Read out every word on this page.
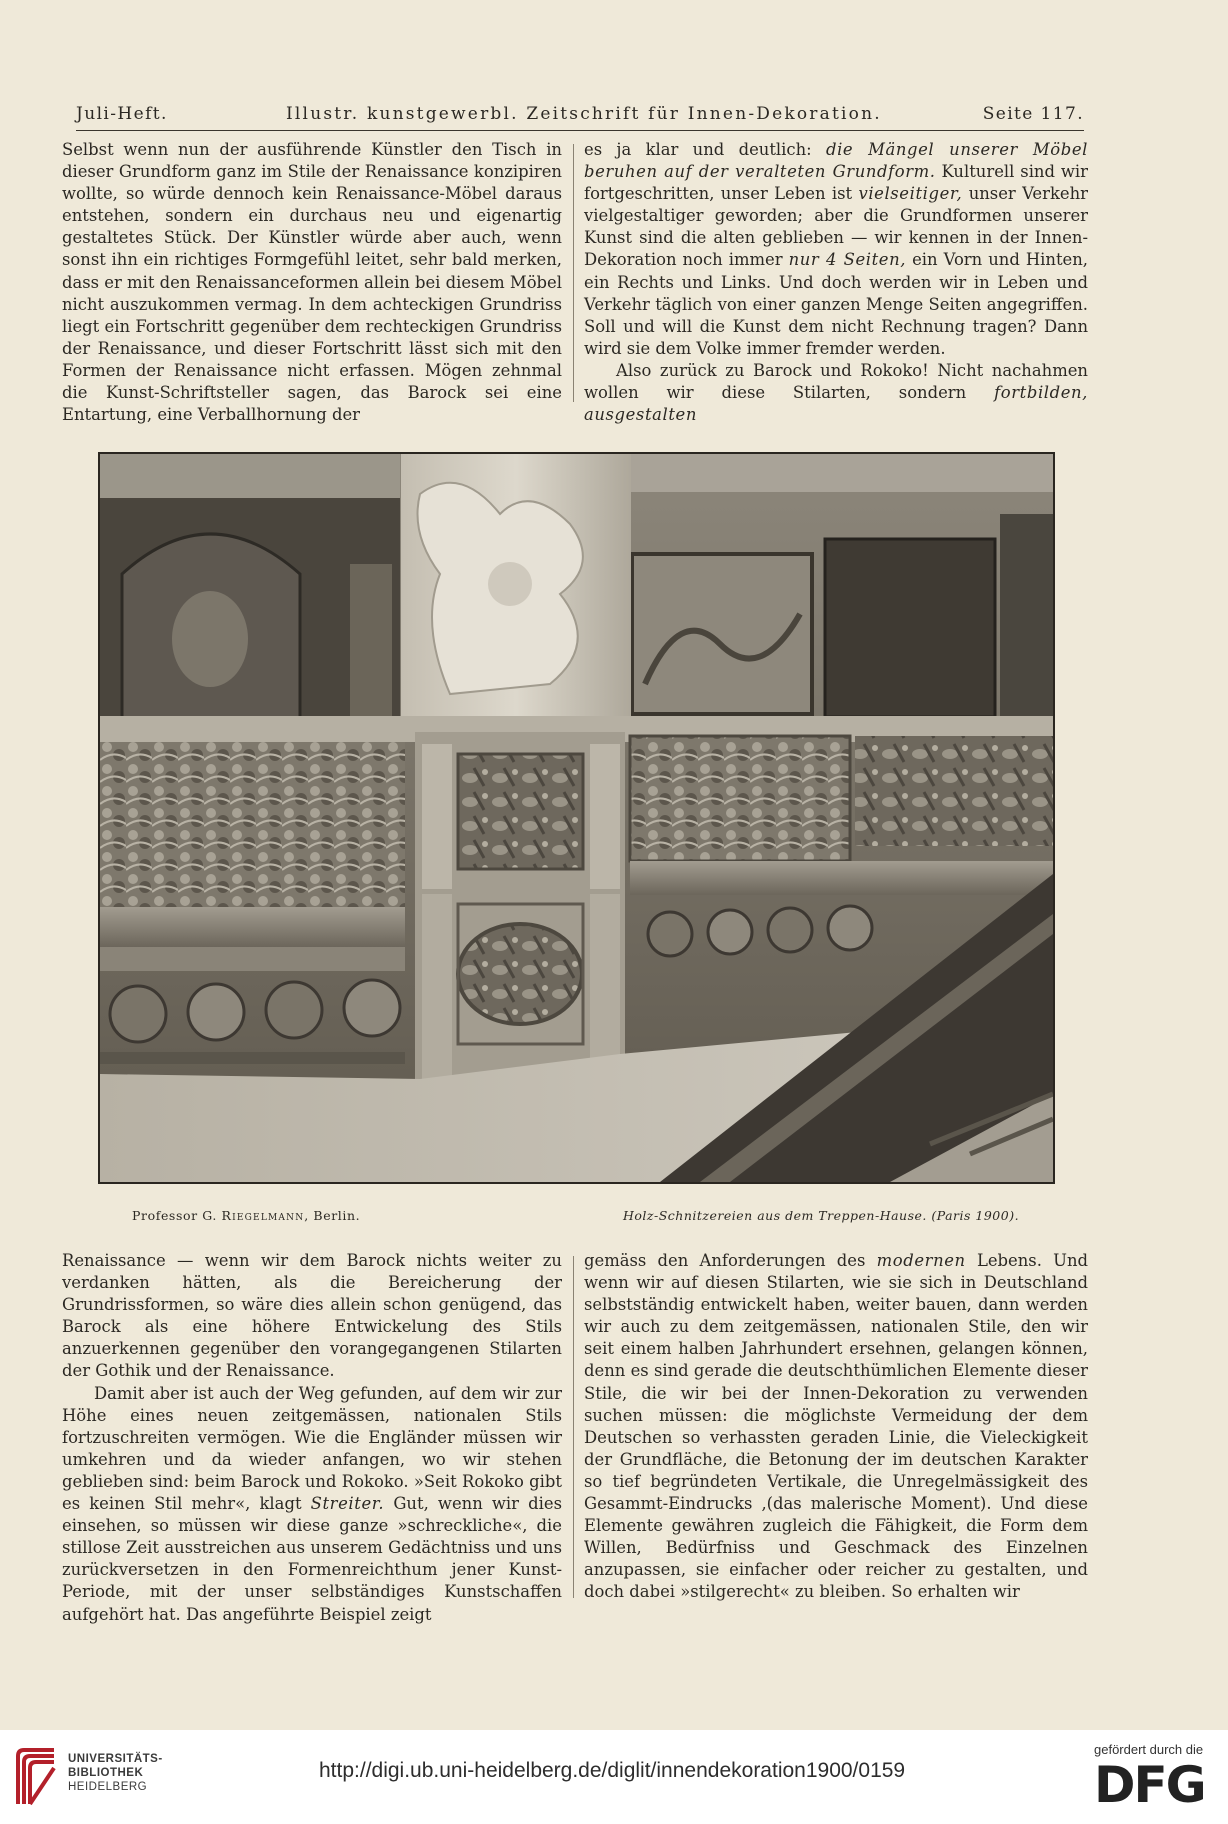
Juli-Heft.	Illustr. kunstgewerbl. Zeitschrift für Innen-Dekoration.	Seite 117.

Selbst wenn nun der ausführende Künstler den Tisch in dieser Grundform ganz im Stile der Renaissance konzipiren wollte, so würde dennoch kein Renaissance-Möbel daraus entstehen, sondern ein durchaus neu und eigenartig gestaltetes Stück. Der Künstler würde aber auch, wenn sonst ihn ein richtiges Formgefühl leitet, sehr bald merken, dass er mit den Renaissanceformen allein bei diesem Möbel nicht auszukommen vermag. In dem achteckigen Grundriss liegt ein Fortschritt gegenüber dem rechteckigen Grundriss der Renaissance, und dieser Fortschritt lässt sich mit den Formen der Renaissance nicht erfassen. Mögen zehnmal die Kunst-Schriftsteller sagen, das Barock sei eine Entartung, eine Verballhornung der

es ja klar und deutlich: die Mängel unserer Möbel beruhen auf der veralteten Grundform. Kulturell sind wir fortgeschritten, unser Leben ist vielseitiger, unser Verkehr vielgestaltiger geworden; aber die Grundformen unserer Kunst sind die alten geblieben — wir kennen in der Innen-Dekoration noch immer nur 4 Seiten, ein Vorn und Hinten, ein Rechts und Links. Und doch werden wir in Leben und Verkehr täglich von einer ganzen Menge Seiten angegriffen. Soll und will die Kunst dem nicht Rechnung tragen? Dann wird sie dem Volke immer fremder werden.

Also zurück zu Barock und Rokoko! Nicht nachahmen wollen wir diese Stilarten, sondern fortbilden, ausgestalten

Professor G. Riegelmann, Berlin.	Holz-Schnitzereien aus dem Treppen-Hause. (Paris 1900).

Renaissance — wenn wir dem Barock nichts weiter zu verdanken hätten, als die Bereicherung der Grundrissformen, so wäre dies allein schon genügend, das Barock als eine höhere Entwickelung des Stils anzuerkennen gegenüber den vorangegangenen Stilarten der Gothik und der Renaissance.

Damit aber ist auch der Weg gefunden, auf dem wir zur Höhe eines neuen zeitgemässen, nationalen Stils fortzuschreiten vermögen. Wie die Engländer müssen wir umkehren und da wieder anfangen, wo wir stehen geblieben sind: beim Barock und Rokoko. »Seit Rokoko gibt es keinen Stil mehr«, klagt Streiter. Gut, wenn wir dies einsehen, so müssen wir diese ganze »schreckliche«, die stillose Zeit ausstreichen aus unserem Gedächtniss und uns zurückversetzen in den Formenreichthum jener Kunst-Periode, mit der unser selbständiges Kunstschaffen aufgehört hat. Das angeführte Beispiel zeigt

gemäss den Anforderungen des modernen Lebens. Und wenn wir auf diesen Stilarten, wie sie sich in Deutschland selbstständig entwickelt haben, weiter bauen, dann werden wir auch zu dem zeitgemässen, nationalen Stile, den wir seit einem halben Jahrhundert ersehnen, gelangen können, denn es sind gerade die deutschthümlichen Elemente dieser Stile, die wir bei der Innen-Dekoration zu verwenden suchen müssen: die möglichste Vermeidung der dem Deutschen so verhassten geraden Linie, die Vieleckigkeit der Grundfläche, die Betonung der im deutschen Karakter so tief begründeten Vertikale, die Unregelmässigkeit des Gesammt-Eindrucks ‚(das malerische Moment). Und diese Elemente gewähren zugleich die Fähigkeit, die Form dem Willen, Bedürfniss und Geschmack des Einzelnen anzupassen, sie einfacher oder reicher zu gestalten, und doch dabei »stilgerecht« zu bleiben. So erhalten wir

UNIVERSITÄTS-
BIBLIOTHEK
HEIDELBERG
http://digi.ub.uni-heidelberg.de/diglit/innendekoration1900/0159
gefördert durch die
DFG
